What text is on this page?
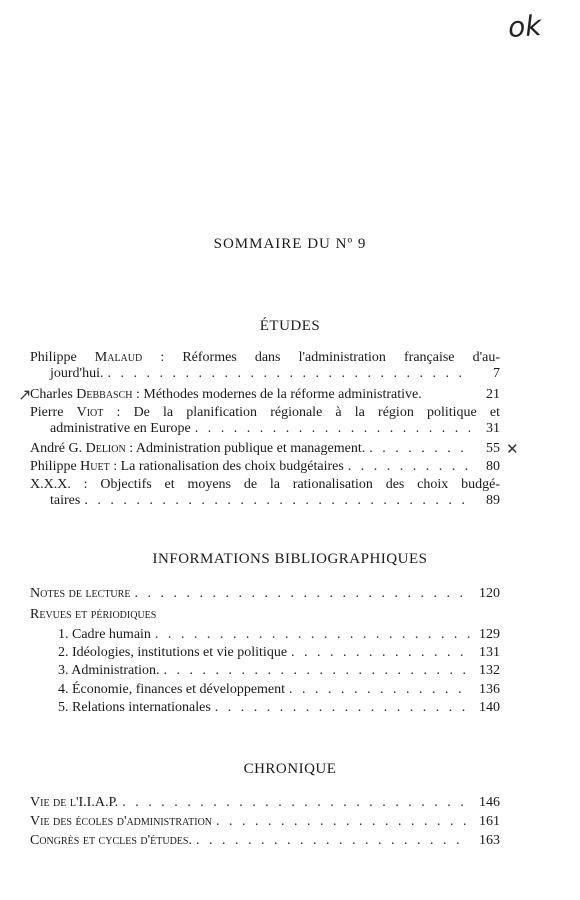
ok
↗
✕
SOMMAIRE DU Nº 9
ÉTUDES
Philippe Malaud : Réformes dans l'administration française d'au-
jourd'hui. . . .	7
Charles Debbasch : Méthodes modernes de la réforme administrative.	21
Pierre Viot : De la planification régionale à la région politique et
administrative en Europe . . .	31
André G. Delion : Administration publique et management. . . .	55
Philippe Huet : La rationalisation des choix budgétaires . . .	80
X.X.X. : Objectifs et moyens de la rationalisation des choix budgé-
taires . . .	89
INFORMATIONS BIBLIOGRAPHIQUES
Notes de lecture . . .	120
Revues et périodiques
1. Cadre humain . . .	129
2. Idéologies, institutions et vie politique . . .	131
3. Administration. . . .	132
4. Économie, finances et développement . . .	136
5. Relations internationales . . .	140
CHRONIQUE
Vie de l'I.I.A.P. . . .	146
Vie des écoles d'administration . . .	161
Congrès et cycles d'études. . . .	163
